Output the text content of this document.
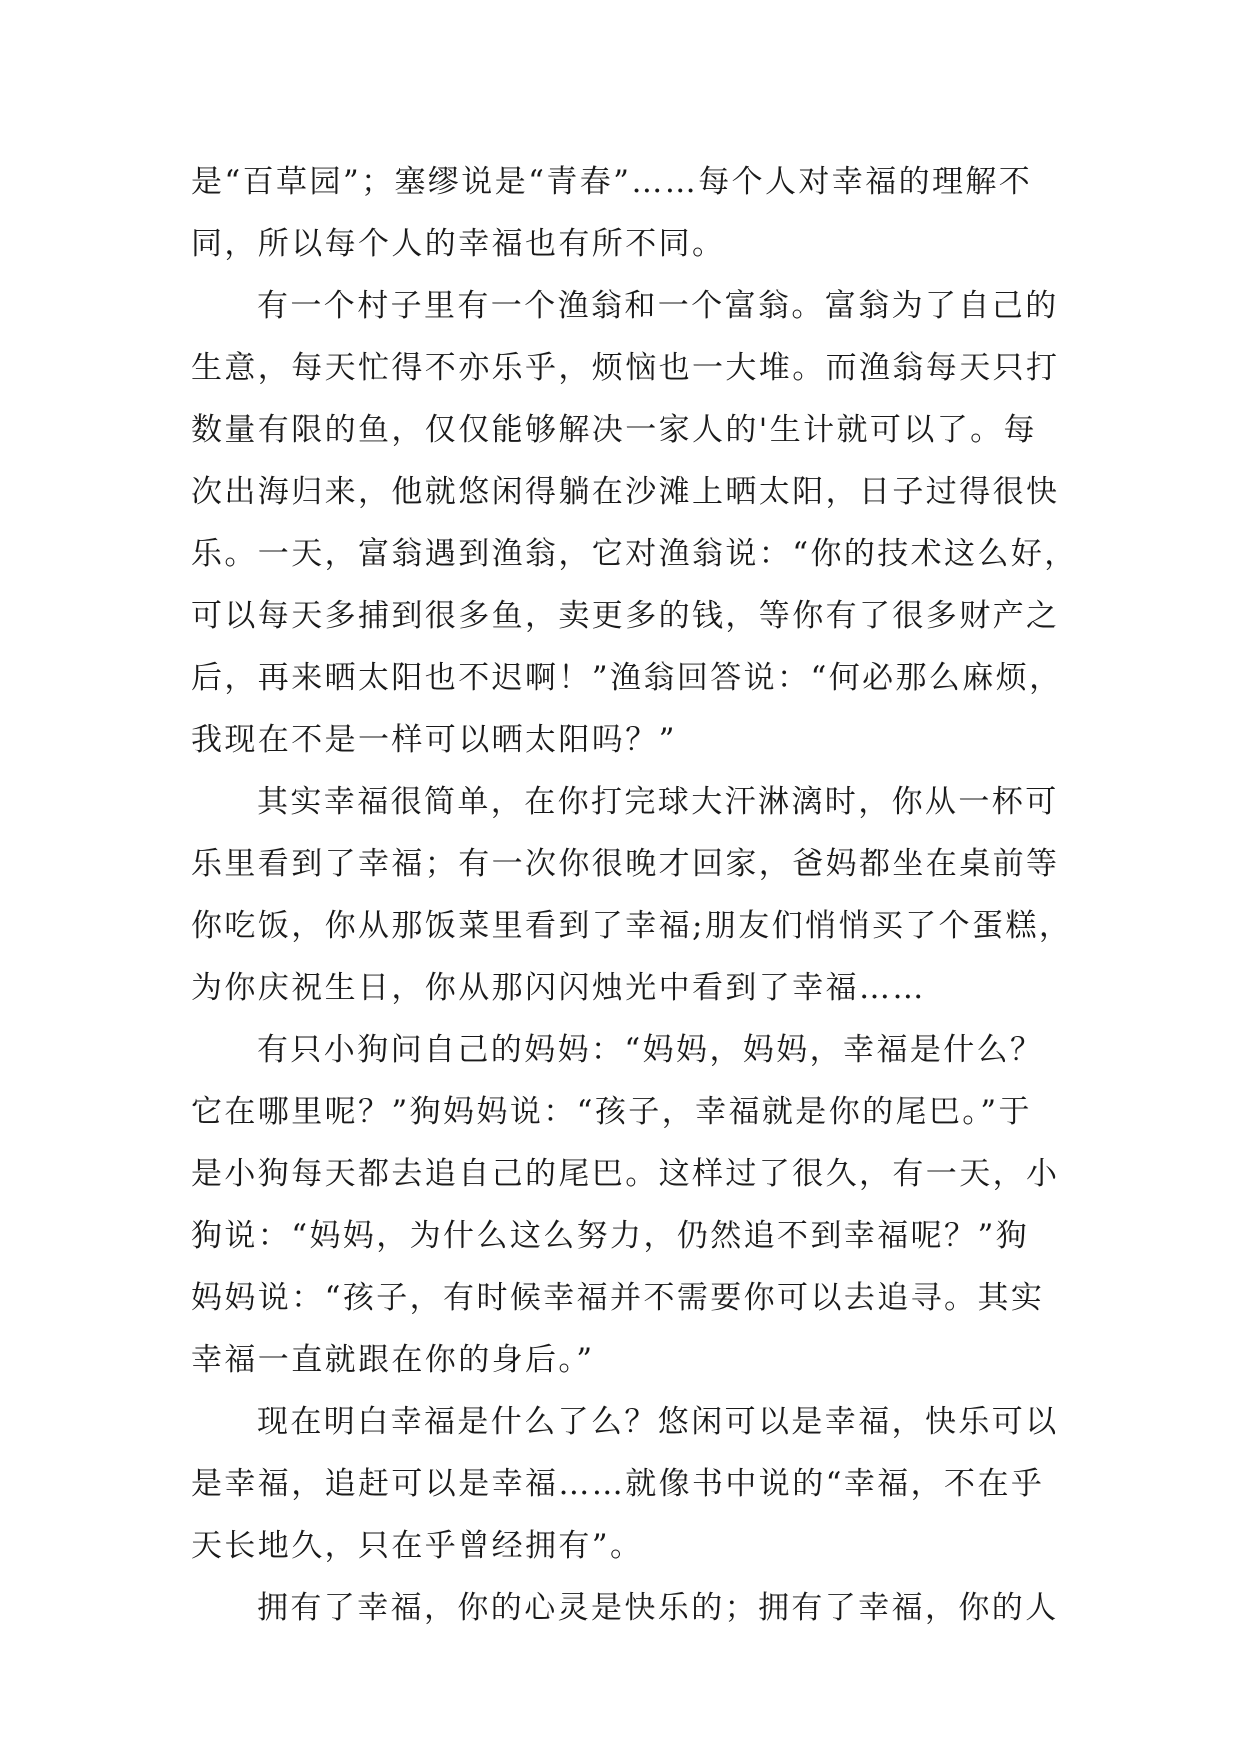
是“百草园”；塞缪说是“青春”……每个人对幸福的理解不
同，所以每个人的幸福也有所不同。

有一个村子里有一个渔翁和一个富翁。富翁为了自己的
生意，每天忙得不亦乐乎，烦恼也一大堆。而渔翁每天只打
数量有限的鱼，仅仅能够解决一家人的'生计就可以了。每
次出海归来，他就悠闲得躺在沙滩上晒太阳，日子过得很快
乐。一天，富翁遇到渔翁，它对渔翁说：“你的技术这么好，
可以每天多捕到很多鱼，卖更多的钱，等你有了很多财产之
后，再来晒太阳也不迟啊！”渔翁回答说：“何必那么麻烦，
我现在不是一样可以晒太阳吗？”

其实幸福很简单，在你打完球大汗淋漓时，你从一杯可
乐里看到了幸福；有一次你很晚才回家，爸妈都坐在桌前等
你吃饭，你从那饭菜里看到了幸福;朋友们悄悄买了个蛋糕，
为你庆祝生日，你从那闪闪烛光中看到了幸福……

有只小狗问自己的妈妈：“妈妈，妈妈，幸福是什么？
它在哪里呢？”狗妈妈说：“孩子，幸福就是你的尾巴。”于
是小狗每天都去追自己的尾巴。这样过了很久，有一天，小
狗说：“妈妈，为什么这么努力，仍然追不到幸福呢？”狗
妈妈说：“孩子，有时候幸福并不需要你可以去追寻。其实
幸福一直就跟在你的身后。”

现在明白幸福是什么了么？悠闲可以是幸福，快乐可以
是幸福，追赶可以是幸福……就像书中说的“幸福，不在乎
天长地久，只在乎曾经拥有”。

拥有了幸福，你的心灵是快乐的；拥有了幸福，你的人
